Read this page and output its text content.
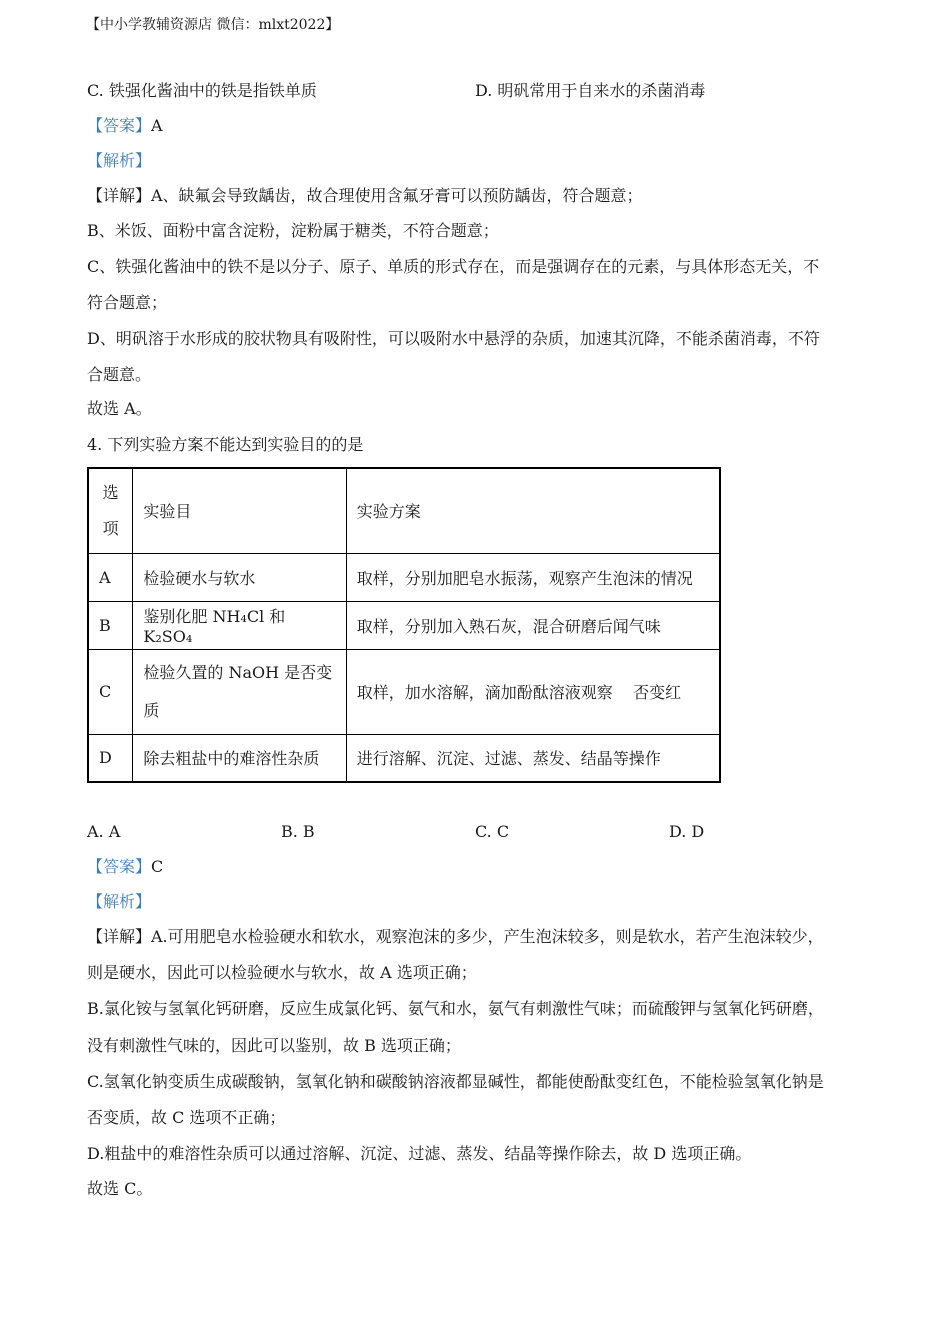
【中小学教辅资源店 微信：mlxt2022】
C. 铁强化酱油中的铁是指铁单质	D. 明矾常用于自来水的杀菌消毒
【答案】A
【解析】
【详解】A、缺氟会导致龋齿，故合理使用含氟牙膏可以预防龋齿，符合题意；
B、米饭、面粉中富含淀粉，淀粉属于糖类，不符合题意；
C、铁强化酱油中的铁不是以分子、原子、单质的形式存在，而是强调存在的元素，与具体形态无关，不
符合题意；
D、明矾溶于水形成的胶状物具有吸附性，可以吸附水中悬浮的杂质，加速其沉降，不能杀菌消毒，不符
合题意。
故选 A。
4. 下列实验方案不能达到实验目的的是
选项	实验目	实验方案
A	检验硬水与软水	取样，分别加肥皂水振荡，观察产生泡沫的情况
B	鉴别化肥 NH₄Cl 和 K₂SO₄	取样，分别加入熟石灰，混合研磨后闻气味
C	检验久置的 NaOH 是否变质	取样，加水溶解，滴加酚酞溶液观察    否变红
D	除去粗盐中的难溶性杂质	进行溶解、沉淀、过滤、蒸发、结晶等操作
A. A	B. B	C. C	D. D
【答案】C
【解析】
【详解】A.可用肥皂水检验硬水和软水，观察泡沫的多少，产生泡沫较多，则是软水，若产生泡沫较少，
则是硬水，因此可以检验硬水与软水，故 A 选项正确；
B.氯化铵与氢氧化钙研磨，反应生成氯化钙、氨气和水，氨气有刺激性气味；而硫酸钾与氢氧化钙研磨，
没有刺激性气味的，因此可以鉴别，故 B 选项正确；
C.氢氧化钠变质生成碳酸钠，氢氧化钠和碳酸钠溶液都显碱性，都能使酚酞变红色，不能检验氢氧化钠是
否变质，故 C 选项不正确；
D.粗盐中的难溶性杂质可以通过溶解、沉淀、过滤、蒸发、结晶等操作除去，故 D 选项正确。
故选 C。
